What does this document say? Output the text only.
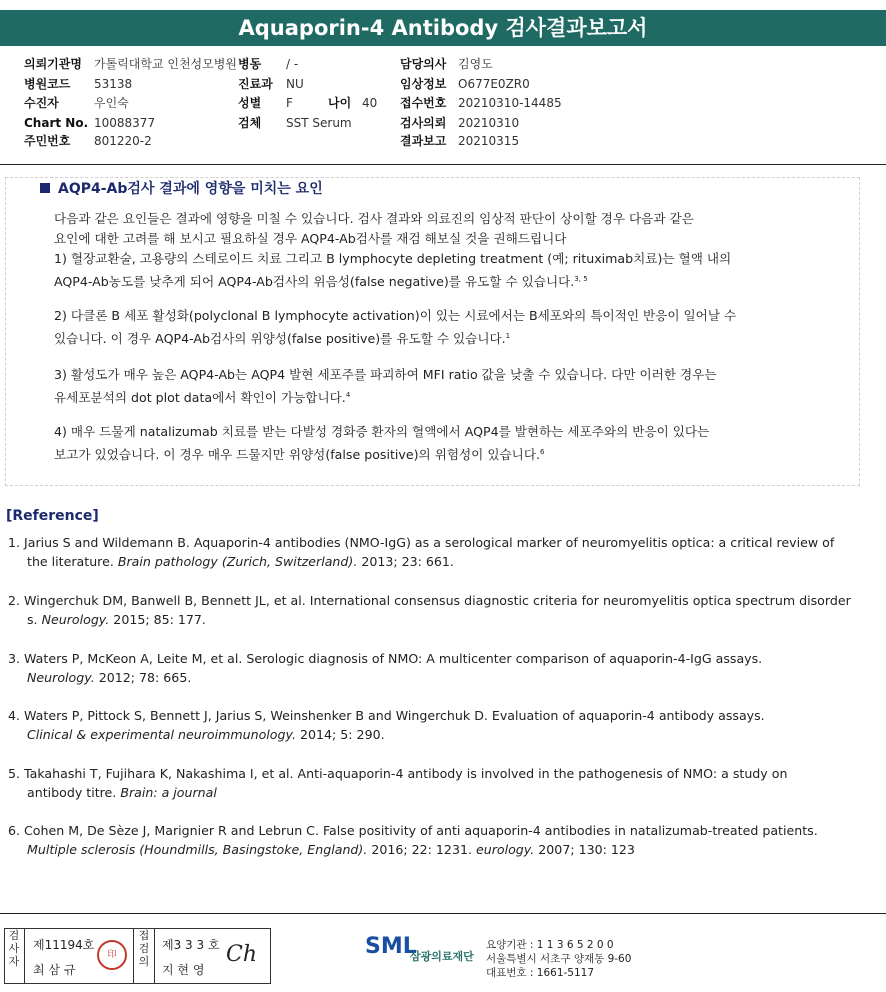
Aquaporin-4 Antibody 검사결과보고서
의뢰기관명 가톨릭대학교 인천성모병원
병원코드 53138
수진자	우인숙
Chart No. 10088377
주민번호 801220-2
병동 / -
진료과 NU
성별 F	나이 40
검체 SST Serum
담당의사 김영도
임상정보 O677E0ZR0
접수번호 20210310-14485
검사의뢰 20210310
결과보고 20210315
AQP4-Ab검사 결과에 영향을 미치는 요인
다음과 같은 요인들은 결과에 영향을 미칠 수 있습니다. 검사 결과와 의료진의 임상적 판단이 상이할 경우 다음과 같은
요인에 대한 고려를 해 보시고 필요하실 경우 AQP4-Ab검사를 재검 해보실 것을 권해드립니다
1) 혈장교환술, 고용량의 스테로이드 치료 그리고 B lymphocyte depleting treatment (예; rituximab치료)는 혈액 내의
AQP4-Ab농도를 낮추게 되어 AQP4-Ab검사의 위음성(false negative)를 유도할 수 있습니다.$^{3, 5}$
2) 다클론 B 세포 활성화(polyclonal B lymphocyte activation)이 있는 시료에서는 B세포와의 특이적인 반응이 일어날 수
있습니다. 이 경우 AQP4-Ab검사의 위양성(false positive)를 유도할 수 있습니다.$^1$
3) 활성도가 매우 높은 AQP4-Ab는 AQP4 발현 세포주를 파괴하여 MFI ratio 값을 낮출 수 있습니다. 다만 이러한 경우는
유세포분석의 dot plot data에서 확인이 가능합니다.$^4$
4) 매우 드물게 natalizumab 치료를 받는 다발성 경화증 환자의 혈액에서 AQP4를 발현하는 세포주와의 반응이 있다는
보고가 있었습니다. 이 경우 매우 드물지만 위양성(false positive)의 위험성이 있습니다.$^6$
[Reference]
1. Jarius S and Wildemann B. Aquaporin-4 antibodies (NMO-IgG) as a serological marker of neuromyelitis optica: a critical review of
the literature. Brain pathology (Zurich, Switzerland). 2013; 23: 661.
2. Wingerchuk DM, Banwell B, Bennett JL, et al. International consensus diagnostic criteria for neuromyelitis optica spectrum disorder
s. Neurology. 2015; 85: 177.
3. Waters P, McKeon A, Leite M, et al. Serologic diagnosis of NMO: A multicenter comparison of aquaporin-4-IgG assays.
Neurology. 2012; 78: 665.
4. Waters P, Pittock S, Bennett J, Jarius S, Weinshenker B and Wingerchuk D. Evaluation of aquaporin-4 antibody assays.
Clinical & experimental neuroimmunology. 2014; 5: 290.
5. Takahashi T, Fujihara K, Nakashima I, et al. Anti-aquaporin-4 antibody is involved in the pathogenesis of NMO: a study on
antibody titre. Brain: a journal
6. Cohen M, De Sèze J, Marignier R and Lebrun C. False positivity of anti aquaporin-4 antibodies in natalizumab-treated patients.
Multiple sclerosis (Houndmills, Basingstoke, England). 2016; 22: 1231. eurology. 2007; 130: 123
검사자
제11194호
최 삼 규
印
접검의
제3 3 3 호
지 현 영
Ch	SML
삼광의료재단
요양기관 : 1 1 3 6 5 2 0 0
서울특별시 서초구 양재동 9-60
대표번호 : 1661-5117
